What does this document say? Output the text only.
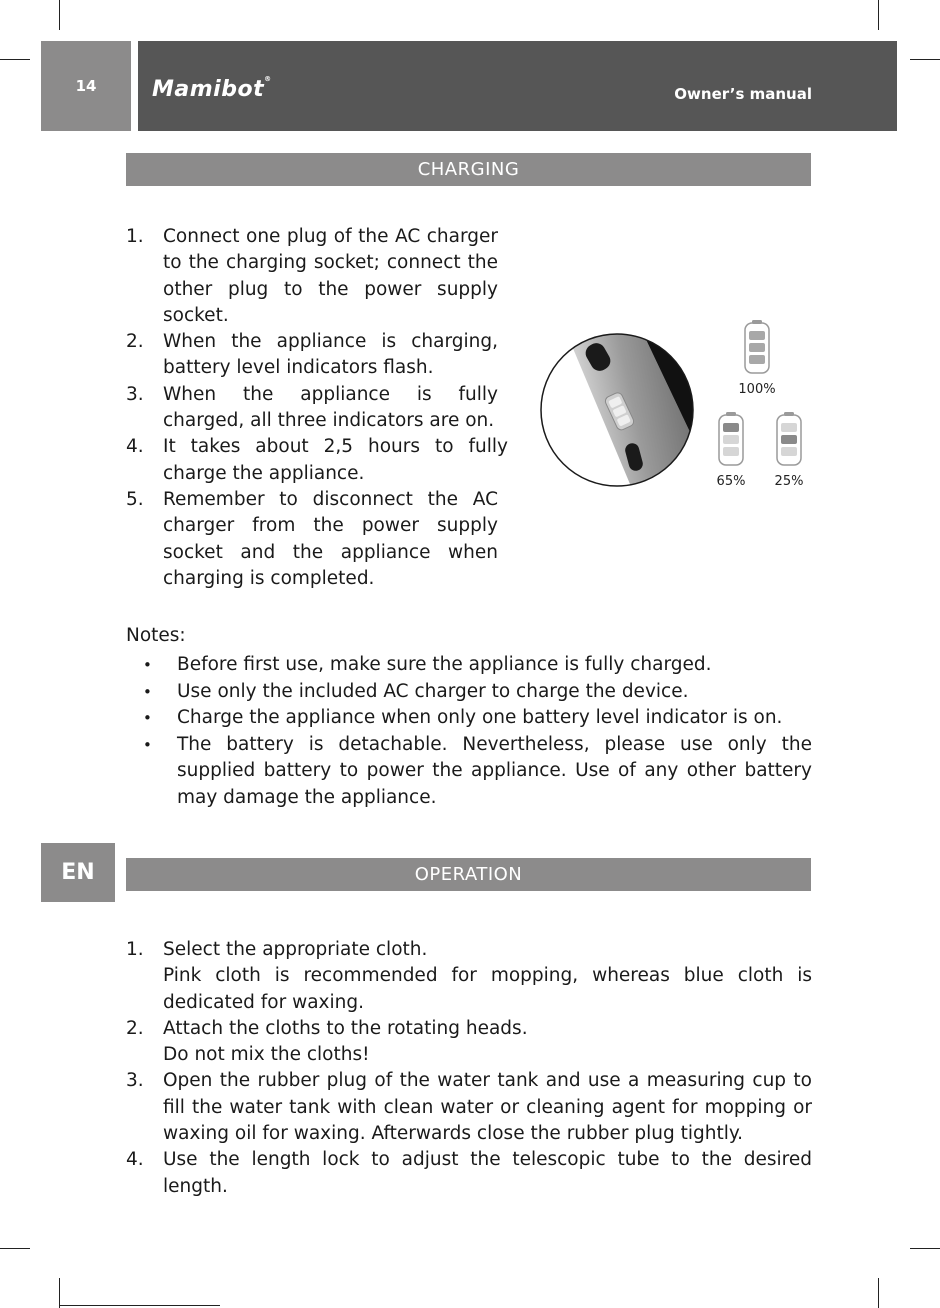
14	Mamibot®
Owner’s manual
CHARGING
1. Connect one plug of the AC charger to the charging socket; connect the other plug to the power supply socket.
2. When the appliance is charging, battery level indicators flash.
3. When the appliance is fully charged, all three indicators are on.
4. It takes about 2,5 hours to fully charge the appliance.
5. Remember to disconnect the AC charger from the power supply socket and the appliance when charging is completed.
100%
65% 25%
Notes:
• Before first use, make sure the appliance is fully charged.
• Use only the included AC charger to charge the device.
• Charge the appliance when only one battery level indicator is on.
• The battery is detachable. Nevertheless, please use only the supplied battery to power the appliance. Use of any other battery may damage the appliance.
EN	OPERATION
1. Select the appropriate cloth.
Pink cloth is recommended for mopping, whereas blue cloth is dedicated for waxing.
2. Attach the cloths to the rotating heads.
Do not mix the cloths!
3. Open the rubber plug of the water tank and use a measuring cup to fill the water tank with clean water or cleaning agent for mopping or waxing oil for waxing. Afterwards close the rubber plug tightly.
4. Use the length lock to adjust the telescopic tube to the desired length.
